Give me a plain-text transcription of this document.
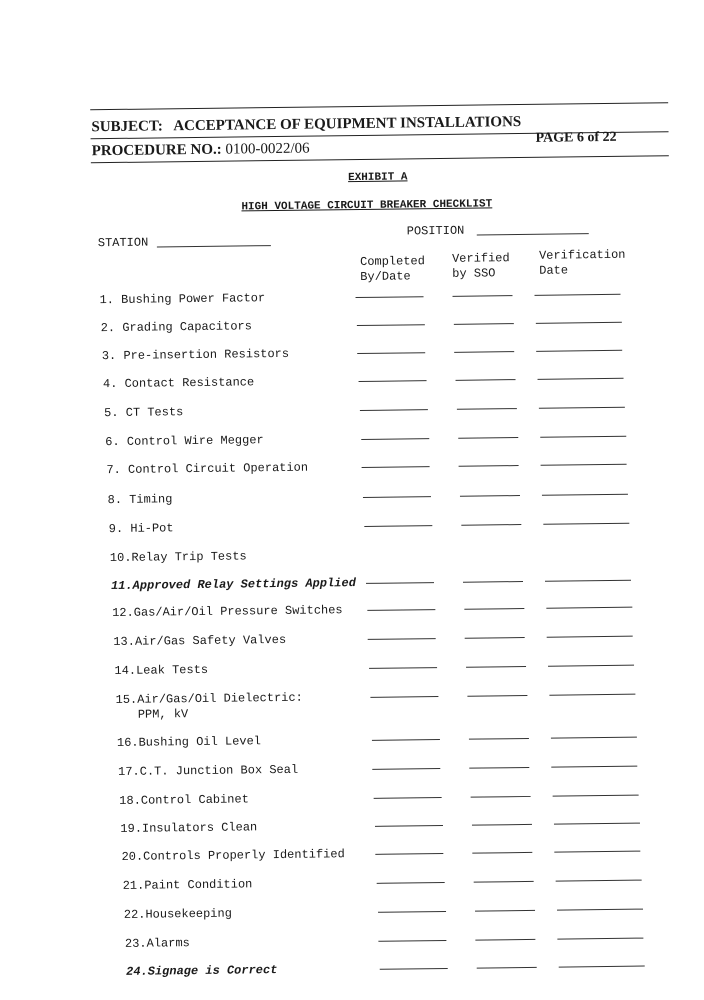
SUBJECT: ACCEPTANCE OF EQUIPMENT INSTALLATIONS
PROCEDURE NO.: 0100-0022/06
PAGE 6 of 22
EXHIBIT A
HIGH VOLTAGE CIRCUIT BREAKER CHECKLIST
STATION
POSITION
Completed
By/Date
Verified
by SSO
Verification
Date
1. Bushing Power Factor
2. Grading Capacitors
3. Pre-insertion Resistors
4. Contact Resistance
5. CT Tests
6. Control Wire Megger
7. Control Circuit Operation
8. Timing
9. Hi-Pot
10.Relay Trip Tests
11.Approved Relay Settings Applied
12.Gas/Air/Oil Pressure Switches
13.Air/Gas Safety Valves
14.Leak Tests
15.Air/Gas/Oil Dielectric:
PPM, kV
16.Bushing Oil Level
17.C.T. Junction Box Seal
18.Control Cabinet
19.Insulators Clean
20.Controls Properly Identified
21.Paint Condition
22.Housekeeping
23.Alarms
24.Signage is Correct
